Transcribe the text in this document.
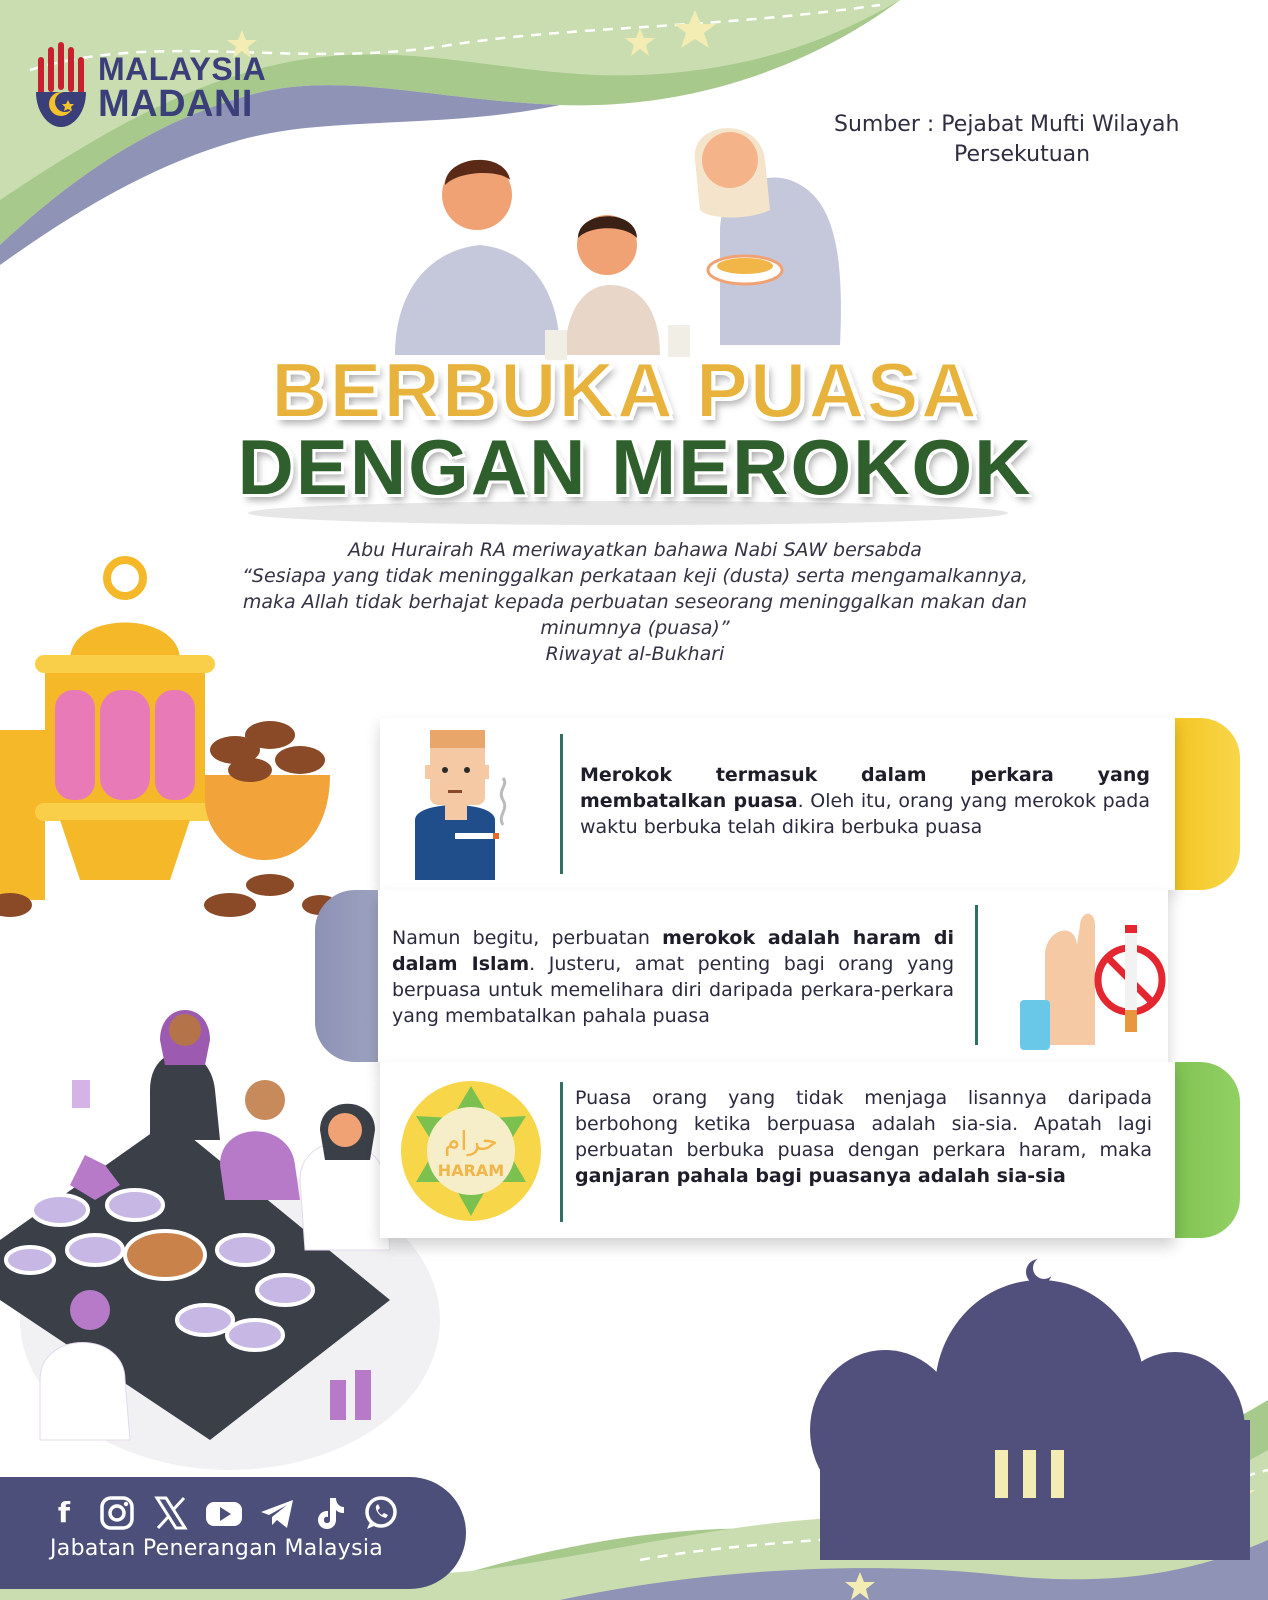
MALAYSIA
MADANI	Sumber : Pejabat Mufti Wilayah
Persekutuan
BERBUKA PUASA
DENGAN MEROKOK
Abu Hurairah RA meriwayatkan bahawa Nabi SAW bersabda
“Sesiapa yang tidak meninggalkan perkataan keji (dusta) serta mengamalkannya,
maka Allah tidak berhajat kepada perbuatan seseorang meninggalkan makan dan
minumnya (puasa)”
Riwayat al-Bukhari
Merokok termasuk dalam perkara yang membatalkan puasa. Oleh itu, orang yang merokok pada waktu berbuka telah dikira berbuka puasa
Namun begitu, perbuatan merokok adalah haram di dalam Islam. Justeru, amat penting bagi orang yang berpuasa untuk memelihara diri daripada perkara-perkara yang membatalkan pahala puasa
حرام
HARAM
Puasa orang yang tidak menjaga lisannya daripada berbohong ketika berpuasa adalah sia-sia. Apatah lagi perbuatan berbuka puasa dengan perkara haram, maka ganjaran pahala bagi puasanya adalah sia-sia
f
Jabatan Penerangan Malaysia
